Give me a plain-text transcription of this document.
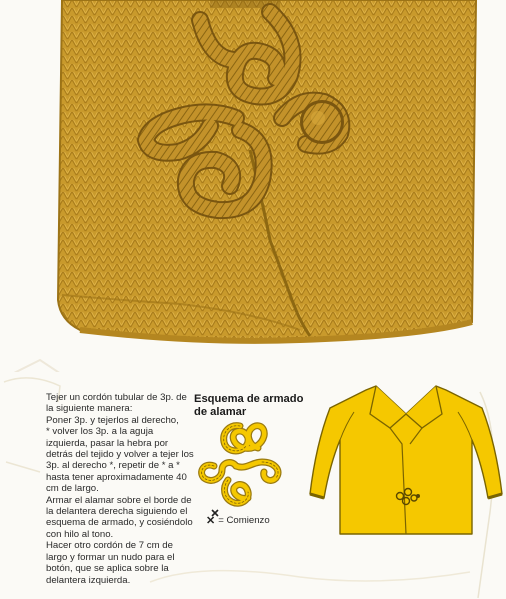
Tejer un cordón tubular de 3p. de la siguiente manera:
Poner 3p. y tejerlos al derecho,
* volver los 3p. a la aguja izquierda, pasar la hebra por detrás del tejido y volver a tejer los 3p. al derecho *, repetir de * a * hasta tener aproximadamente 40 cm de largo.
Armar el alamar sobre el borde de la delantera derecha siguiendo el esquema de armado, y cosiéndolo con hilo al tono.
Hacer otro cordón de 7 cm de largo y formar un nudo para el botón, que se aplica sobre la delantera izquierda.

Esquema de armado
de alamar

✕ = Comienzo
